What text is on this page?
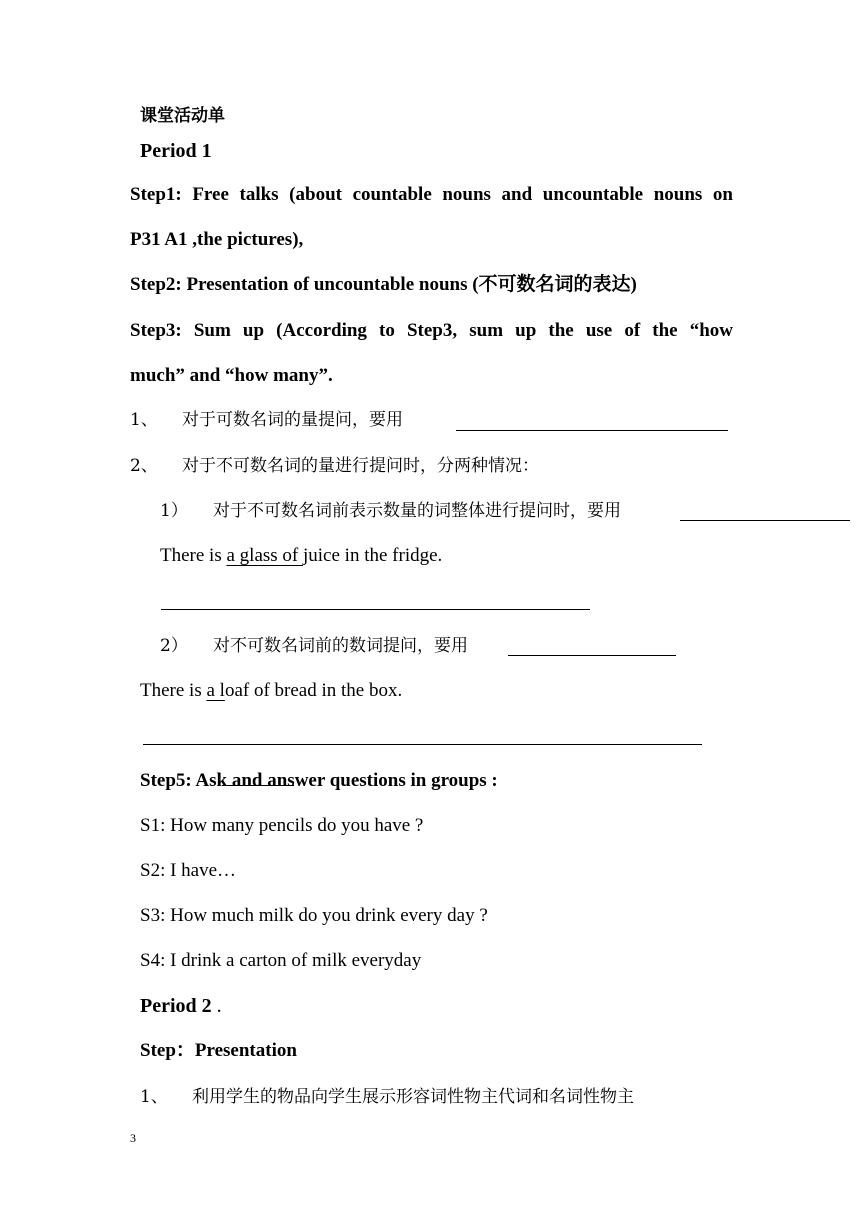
课堂活动单
Period 1
Step1: Free talks (about countable nouns and uncountable nouns on
P31 A1 ,the pictures),
Step2: Presentation of uncountable nouns (不可数名词的表达)
Step3: Sum up (According to Step3, sum up the use of the “how
much” and “how many”.
1、 对于可数名词的量提问，要用
2、 对于不可数名词的量进行提问时，分两种情况：
1） 对于不可数名词前表示数量的词整体进行提问时，要用
There is a glass of juice in the fridge.
2） 对不可数名词前的数词提问，要用
There is a loaf of bread in the box.
Step5: Ask and answer questions in groups :
S1: How many pencils do you have ?
S2: I have…
S3: How much milk do you drink every day ?
S4: I drink a carton of milk everyday
Period 2 .
Step：Presentation
1、 利用学生的物品向学生展示形容词性物主代词和名词性物主
3
